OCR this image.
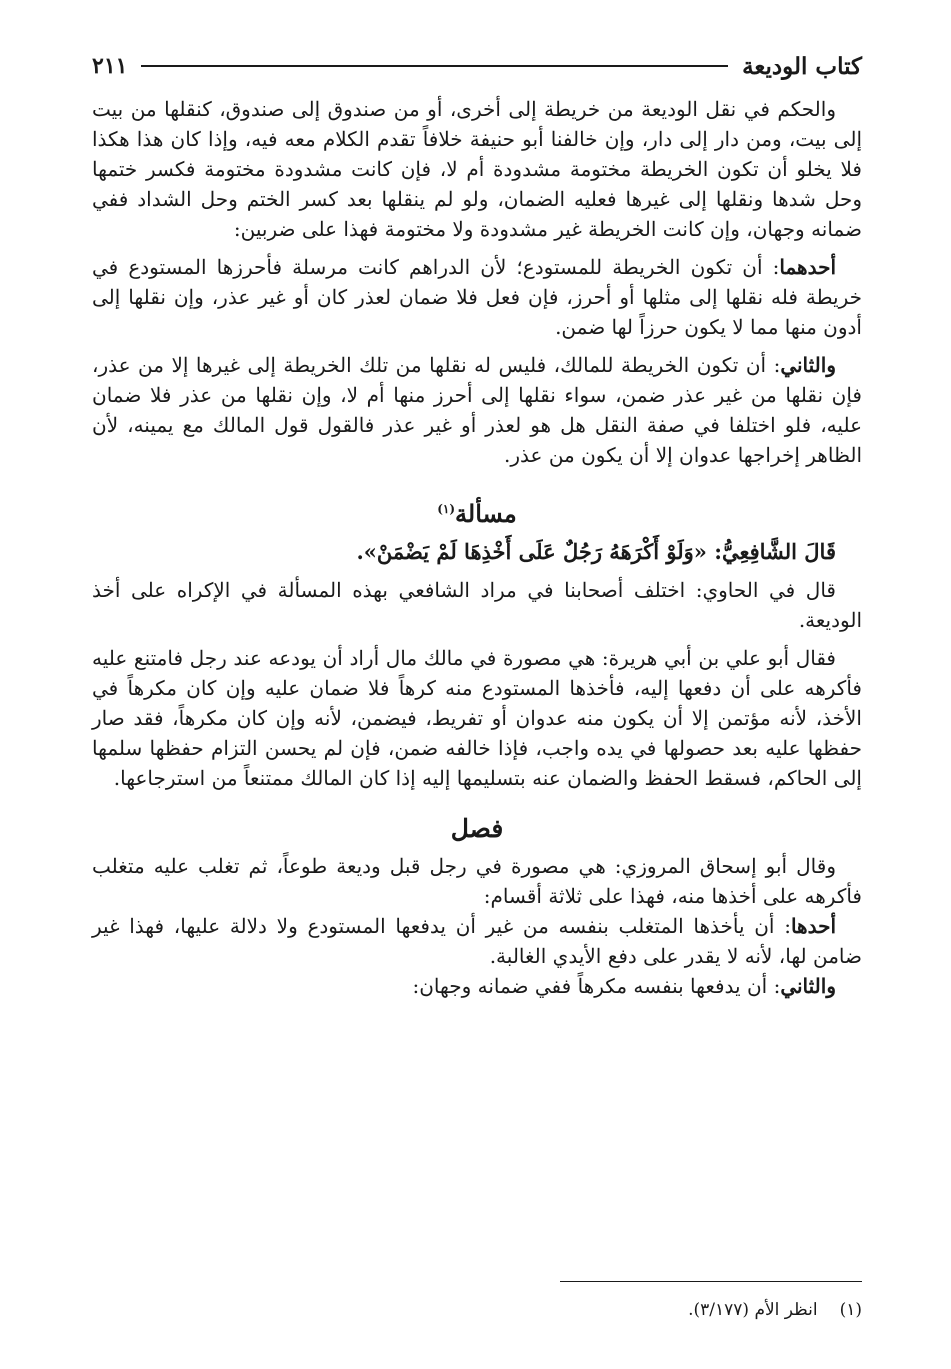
كتاب الوديعة
٢١١

والحكم في نقل الوديعة من خريطة إلى أخرى، أو من صندوق إلى صندوق، كنقلها من بيت إلى بيت، ومن دار إلى دار، وإن خالفنا أبو حنيفة خلافاً تقدم الكلام معه فيه، وإذا كان هذا هكذا فلا يخلو أن تكون الخريطة مختومة مشدودة أم لا، فإن كانت مشدودة مختومة فكسر ختمها وحل شدها ونقلها إلى غيرها فعليه الضمان، ولو لم ينقلها بعد كسر الختم وحل الشداد ففي ضمانه وجهان، وإن كانت الخريطة غير مشدودة ولا مختومة فهذا على ضربين:

أحدهما: أن تكون الخريطة للمستودع؛ لأن الدراهم كانت مرسلة فأحرزها المستودع في خريطة فله نقلها إلى مثلها أو أحرز، فإن فعل فلا ضمان لعذر كان أو غير عذر، وإن نقلها إلى أدون منها مما لا يكون حرزاً لها ضمن.

والثاني: أن تكون الخريطة للمالك، فليس له نقلها من تلك الخريطة إلى غيرها إلا من عذر، فإن نقلها من غير عذر ضمن، سواء نقلها إلى أحرز منها أم لا، وإن نقلها من عذر فلا ضمان عليه، فلو اختلفا في صفة النقل هل هو لعذر أو غير عذر فالقول قول المالك مع يمينه، لأن الظاهر إخراجها عدوان إلا أن يكون من عذر.

مسألة$^{(١)}$

قَالَ الشَّافِعِيُّ: «وَلَوْ أَكْرَهَهُ رَجُلٌ عَلَى أَخْذِهَا لَمْ يَضْمَنْ».

قال في الحاوي: اختلف أصحابنا في مراد الشافعي بهذه المسألة في الإكراه على أخذ الوديعة.

فقال أبو علي بن أبي هريرة: هي مصورة في مالك مال أراد أن يودعه عند رجل فامتنع عليه فأكرهه على أن دفعها إليه، فأخذها المستودع منه كرهاً فلا ضمان عليه وإن كان مكرهاً في الأخذ، لأنه مؤتمن إلا أن يكون منه عدوان أو تفريط، فيضمن، لأنه وإن كان مكرهاً، فقد صار حفظها عليه بعد حصولها في يده واجب، فإذا خالفه ضمن، فإن لم يحسن التزام حفظها سلمها إلى الحاكم، فسقط الحفظ والضمان عنه بتسليمها إليه إذا كان المالك ممتنعاً من استرجاعها.

فصل

وقال أبو إسحاق المروزي: هي مصورة في رجل قبل وديعة طوعاً، ثم تغلب عليه متغلب فأكرهه على أخذها منه، فهذا على ثلاثة أقسام:

أحدها: أن يأخذها المتغلب بنفسه من غير أن يدفعها المستودع ولا دلالة عليها، فهذا غير ضامن لها، لأنه لا يقدر على دفع الأيدي الغالبة.

والثاني: أن يدفعها بنفسه مكرهاً ففي ضمانه وجهان:

(١)انظر الأم (٣/١٧٧).
